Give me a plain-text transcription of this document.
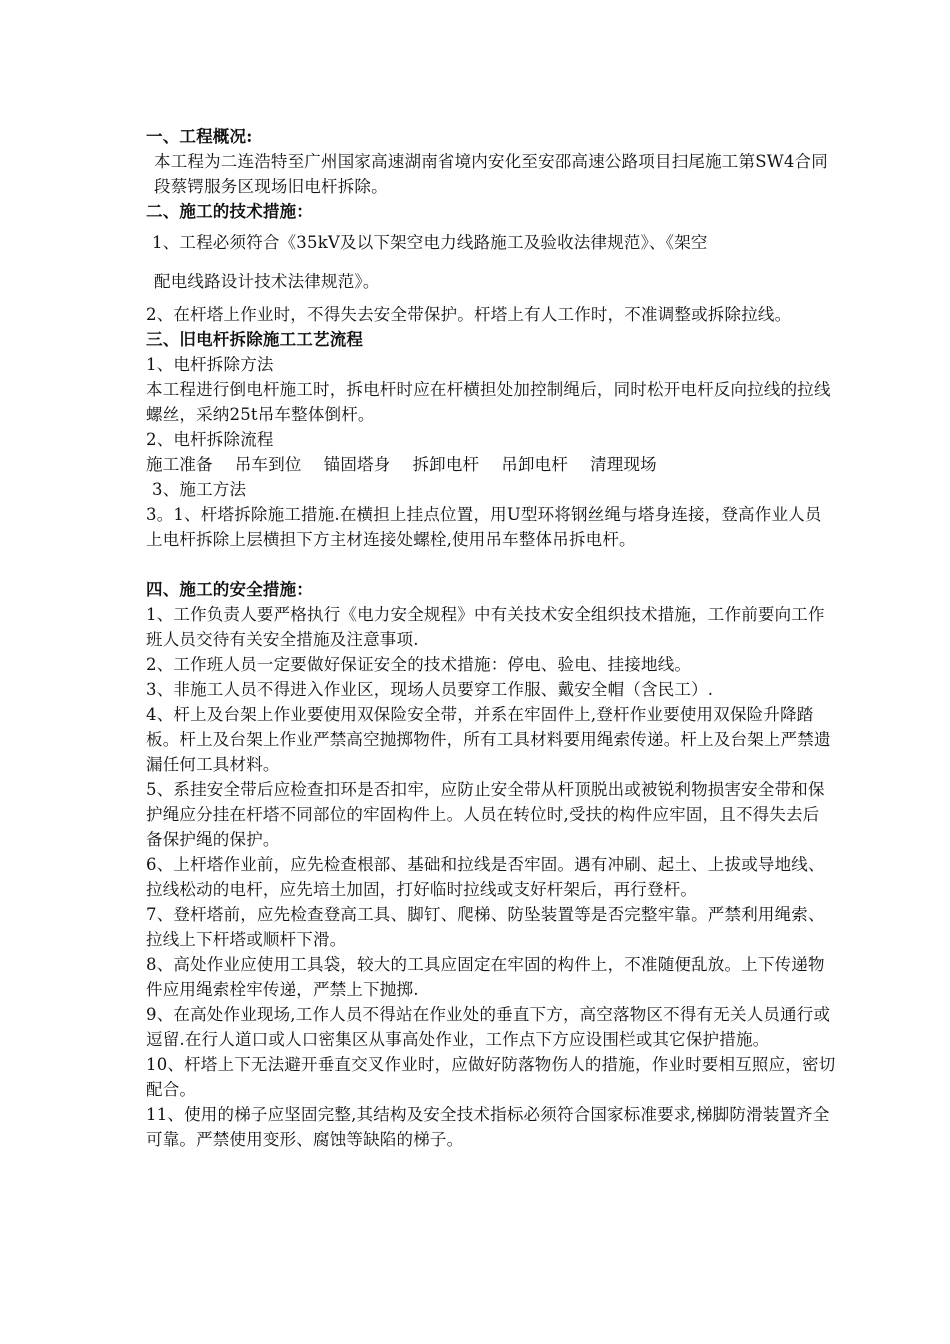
一、工程概况:

本工程为二连浩特至广州国家高速湖南省境内安化至安邵高速公路项目扫尾施工第SW4合同段蔡锷服务区现场旧电杆拆除。

二、施工的技术措施：

1、工程必须符合《35kV及以下架空电力线路施工及验收法律规范》、《架空

配电线路设计技术法律规范》。

2、在杆塔上作业时，不得失去安全带保护。杆塔上有人工作时，不准调整或拆除拉线。

三、旧电杆拆除施工工艺流程

1、电杆拆除方法

本工程进行倒电杆施工时，拆电杆时应在杆横担处加控制绳后，同时松开电杆反向拉线的拉线螺丝，采纳25t吊车整体倒杆。

2、电杆拆除流程

施工准备 吊车到位 锚固塔身 拆卸电杆 吊卸电杆 清理现场

3、施工方法

3。1、杆塔拆除施工措施.在横担上挂点位置，用U型环将钢丝绳与塔身连接，登高作业人员上电杆拆除上层横担下方主材连接处螺栓,使用吊车整体吊拆电杆。

四、施工的安全措施：

1、工作负责人要严格执行《电力安全规程》中有关技术安全组织技术措施，工作前要向工作班人员交待有关安全措施及注意事项.

2、工作班人员一定要做好保证安全的技术措施：停电、验电、挂接地线。

3、非施工人员不得进入作业区，现场人员要穿工作服、戴安全帽（含民工）.

4、杆上及台架上作业要使用双保险安全带，并系在牢固件上,登杆作业要使用双保险升降踏板。杆上及台架上作业严禁高空抛掷物件，所有工具材料要用绳索传递。杆上及台架上严禁遗漏任何工具材料。

5、系挂安全带后应检查扣环是否扣牢，应防止安全带从杆顶脱出或被锐利物损害安全带和保护绳应分挂在杆塔不同部位的牢固构件上。人员在转位时,受扶的构件应牢固，且不得失去后备保护绳的保护。

6、上杆塔作业前，应先检查根部、基础和拉线是否牢固。遇有冲刷、起土、上拔或导地线、拉线松动的电杆，应先培土加固，打好临时拉线或支好杆架后，再行登杆。

7、登杆塔前，应先检查登高工具、脚钉、爬梯、防坠装置等是否完整牢靠。严禁利用绳索、拉线上下杆塔或顺杆下滑。

8、高处作业应使用工具袋，较大的工具应固定在牢固的构件上，不准随便乱放。上下传递物件应用绳索栓牢传递，严禁上下抛掷.

9、在高处作业现场,工作人员不得站在作业处的垂直下方，高空落物区不得有无关人员通行或逗留.在行人道口或人口密集区从事高处作业，工作点下方应设围栏或其它保护措施。

10、杆塔上下无法避开垂直交叉作业时，应做好防落物伤人的措施，作业时要相互照应，密切配合。

11、使用的梯子应坚固完整,其结构及安全技术指标必须符合国家标准要求,梯脚防滑装置齐全可靠。严禁使用变形、腐蚀等缺陷的梯子。
